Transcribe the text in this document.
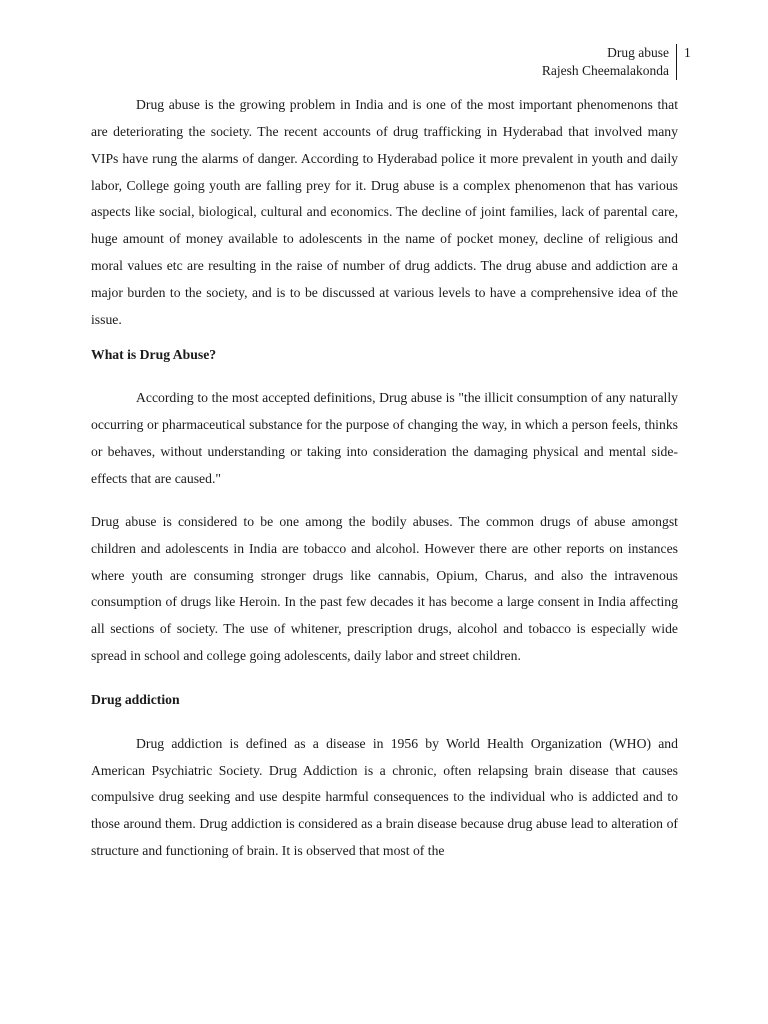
Drug abuse
Rajesh Cheemalakonda
1

Drug abuse is the growing problem in India and is one of the most important phenomenons that are deteriorating the society. The recent accounts of drug trafficking in Hyderabad that involved many VIPs have rung the alarms of danger. According to Hyderabad police it more prevalent in youth and daily labor, College going youth are falling prey for it. Drug abuse is a complex phenomenon that has various aspects like social, biological, cultural and economics. The decline of joint families, lack of parental care, huge amount of money available to adolescents in the name of pocket money, decline of religious and moral values etc are resulting in the raise of number of drug addicts. The drug abuse and addiction are a major burden to the society, and is to be discussed at various levels to have a comprehensive idea of the issue.

What is Drug Abuse?

According to the most accepted definitions, Drug abuse is "the illicit consumption of any naturally occurring or pharmaceutical substance for the purpose of changing the way, in which a person feels, thinks or behaves, without understanding or taking into consideration the damaging physical and mental side-effects that are caused."

Drug abuse is considered to be one among the bodily abuses. The common drugs of abuse amongst children and adolescents in India are tobacco and alcohol. However there are other reports on instances where youth are consuming stronger drugs like cannabis, Opium, Charus, and also the intravenous consumption of drugs like Heroin. In the past few decades it has become a large consent in India affecting all sections of society. The use of whitener, prescription drugs, alcohol and tobacco is especially wide spread in school and college going adolescents, daily labor and street children.

Drug addiction

Drug addiction is defined as a disease in 1956 by World Health Organization (WHO) and American Psychiatric Society. Drug Addiction is a chronic, often relapsing brain disease that causes compulsive drug seeking and use despite harmful consequences to the individual who is addicted and to those around them. Drug addiction is considered as a brain disease because drug abuse lead to alteration of structure and functioning of brain. It is observed that most of the
